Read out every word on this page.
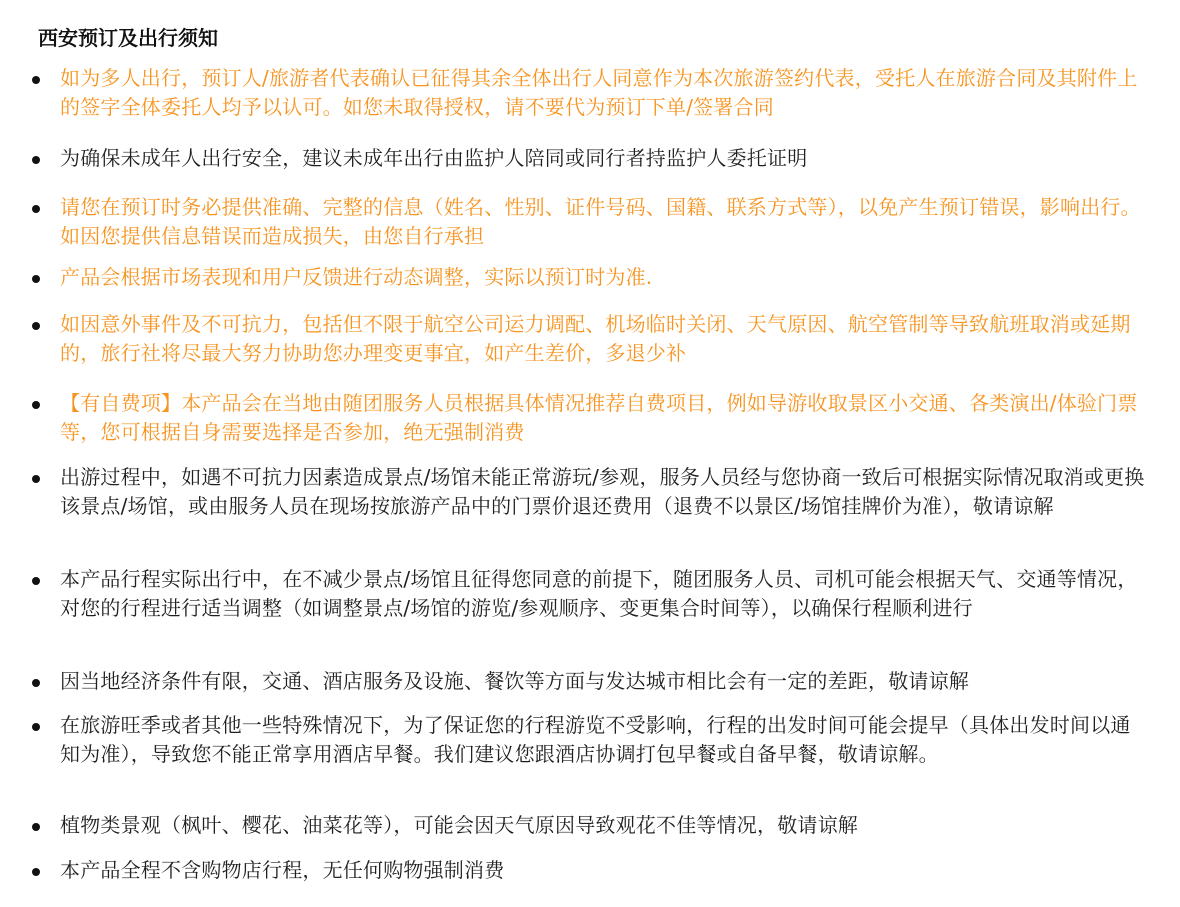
西安预订及出行须知
如为多人出行，预订人/旅游者代表确认已征得其余全体出行人同意作为本次旅游签约代表，受托人在旅游合同及其附件上的签字全体委托人均予以认可。如您未取得授权，请不要代为预订下单/签署合同
为确保未成年人出行安全，建议未成年出行由监护人陪同或同行者持监护人委托证明
请您在预订时务必提供准确、完整的信息（姓名、性别、证件号码、国籍、联系方式等），以免产生预订错误，影响出行。如因您提供信息错误而造成损失，由您自行承担
产品会根据市场表现和用户反馈进行动态调整，实际以预订时为准.
如因意外事件及不可抗力，包括但不限于航空公司运力调配、机场临时关闭、天气原因、航空管制等导致航班取消或延期的，旅行社将尽最大努力协助您办理变更事宜，如产生差价，多退少补
【有自费项】本产品会在当地由随团服务人员根据具体情况推荐自费项目，例如导游收取景区小交通、各类演出/体验门票等，您可根据自身需要选择是否参加，绝无强制消费
出游过程中，如遇不可抗力因素造成景点/场馆未能正常游玩/参观，服务人员经与您协商一致后可根据实际情况取消或更换该景点/场馆，或由服务人员在现场按旅游产品中的门票价退还费用（退费不以景区/场馆挂牌价为准），敬请谅解
本产品行程实际出行中，在不减少景点/场馆且征得您同意的前提下，随团服务人员、司机可能会根据天气、交通等情况，对您的行程进行适当调整（如调整景点/场馆的游览/参观顺序、变更集合时间等），以确保行程顺利进行
因当地经济条件有限，交通、酒店服务及设施、餐饮等方面与发达城市相比会有一定的差距，敬请谅解
在旅游旺季或者其他一些特殊情况下，为了保证您的行程游览不受影响，行程的出发时间可能会提早（具体出发时间以通知为准），导致您不能正常享用酒店早餐。我们建议您跟酒店协调打包早餐或自备早餐，敬请谅解。
植物类景观（枫叶、樱花、油菜花等），可能会因天气原因导致观花不佳等情况，敬请谅解
本产品全程不含购物店行程，无任何购物强制消费
